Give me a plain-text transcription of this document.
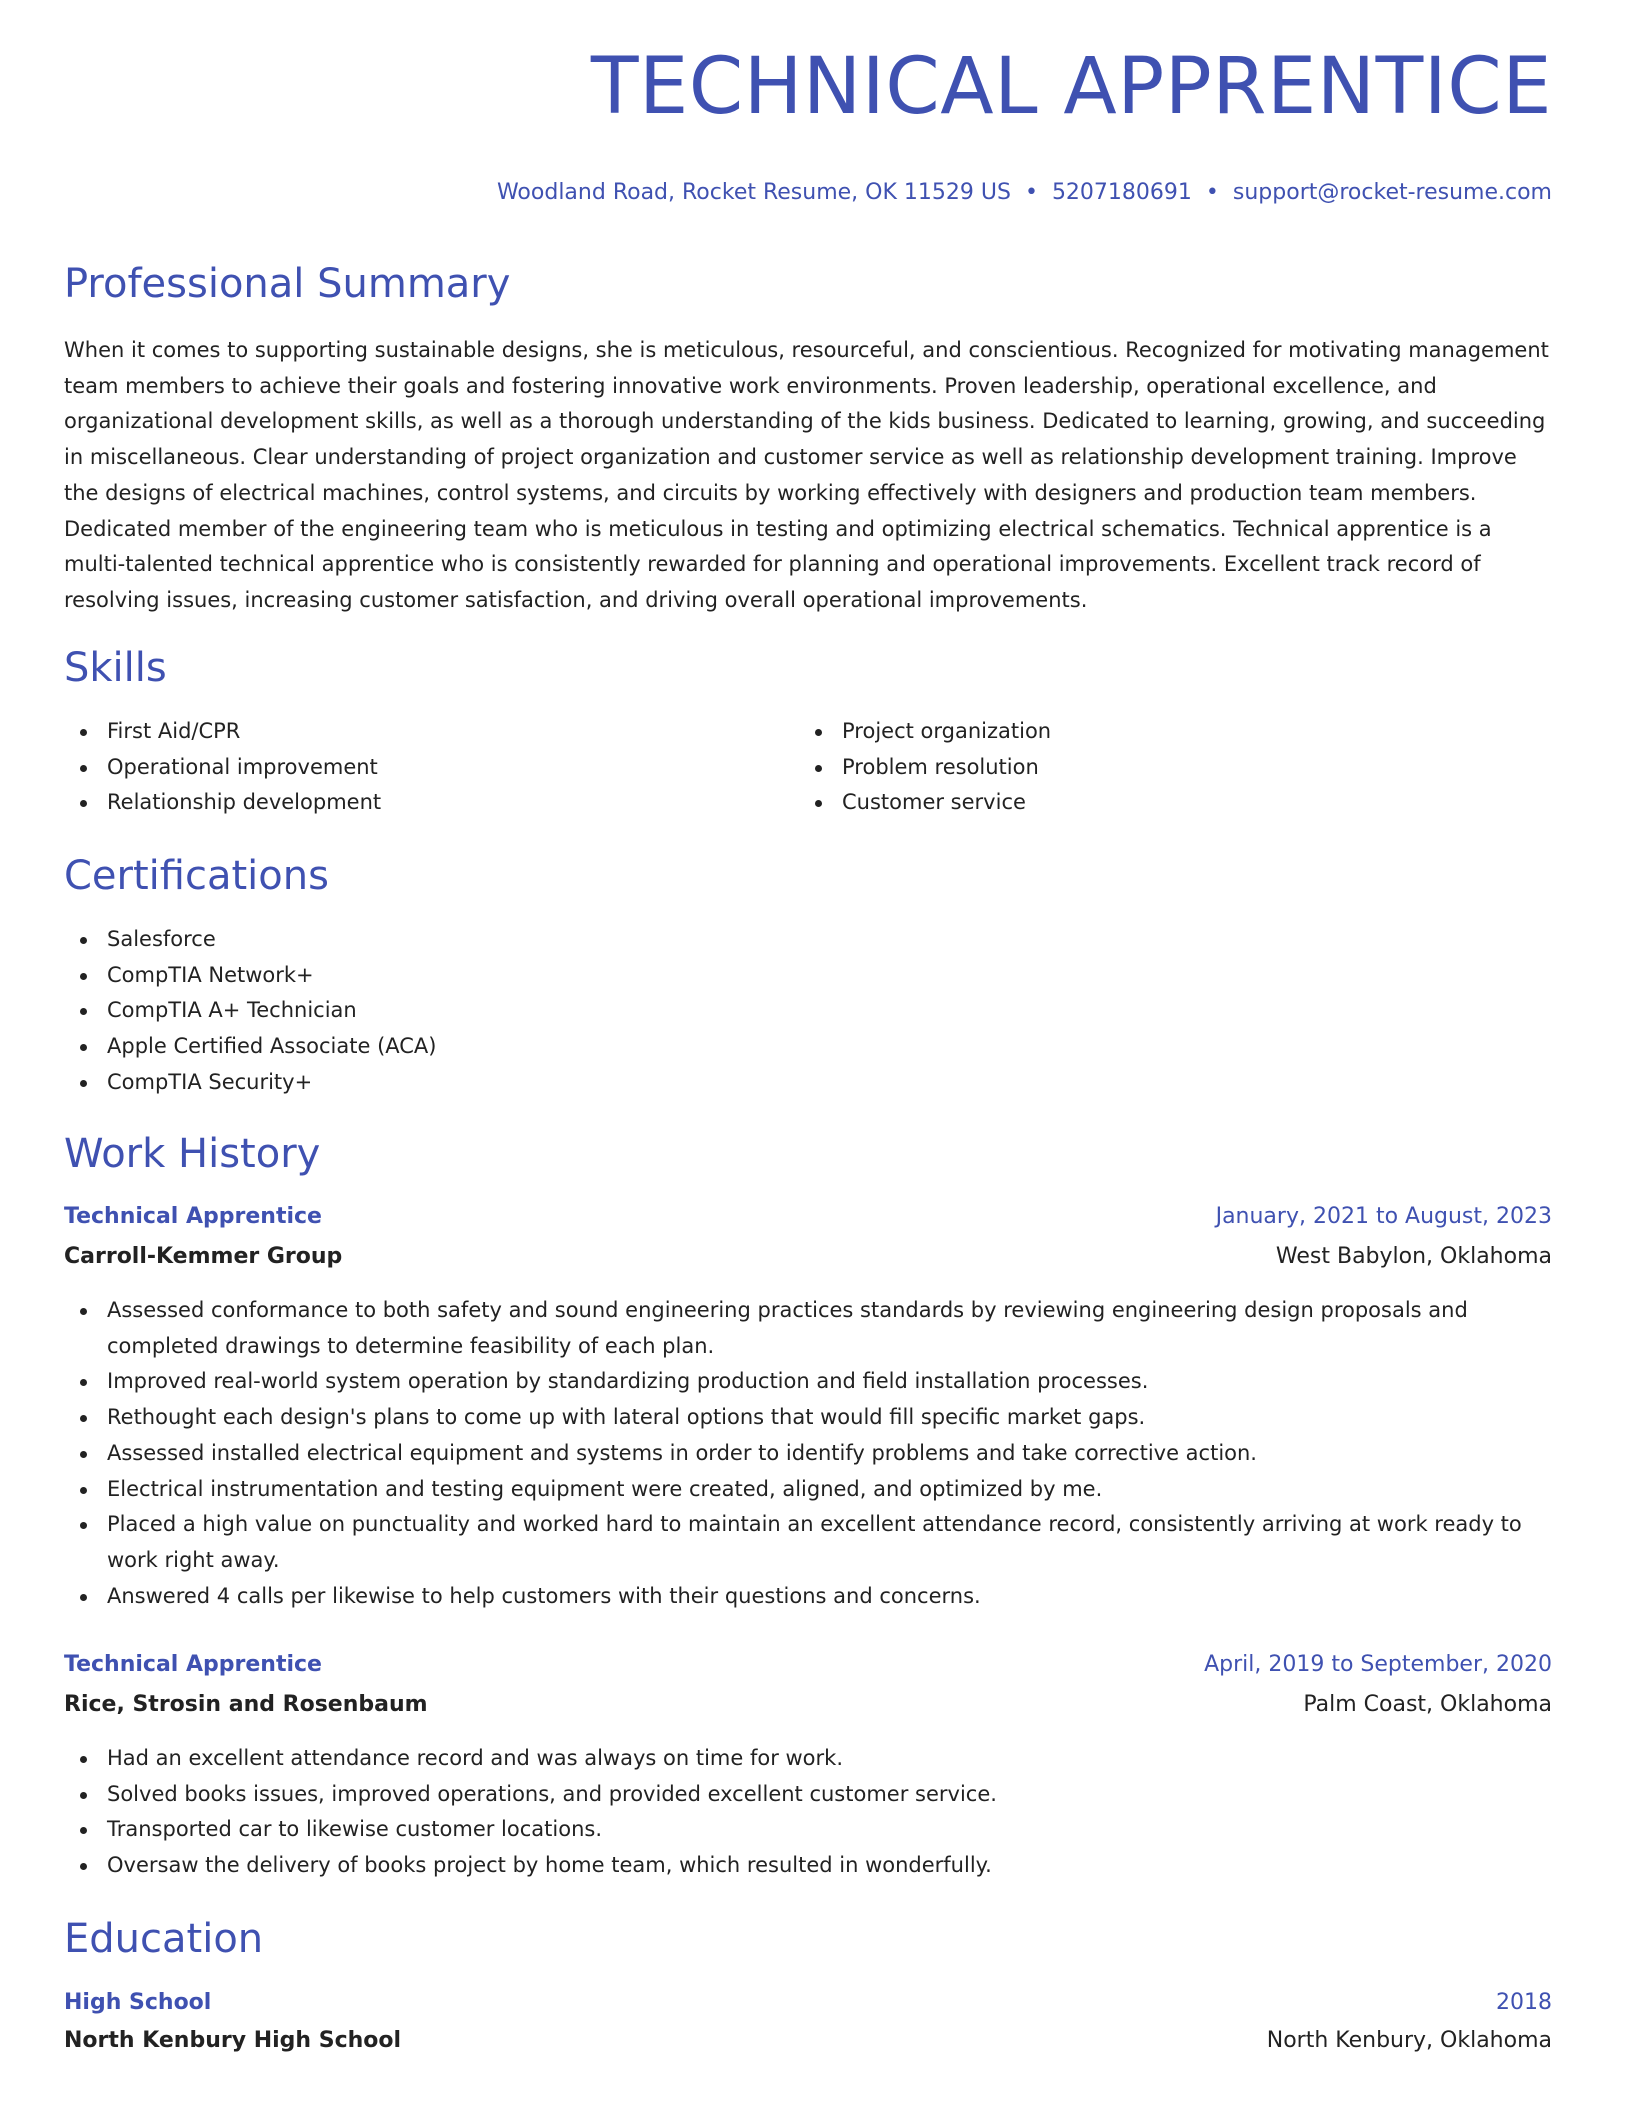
TECHNICAL APPRENTICE
Woodland Road, Rocket Resume, OK 11529 US • 5207180691 • support@rocket-resume.com
Professional Summary

When it comes to supporting sustainable designs, she is meticulous, resourceful, and conscientious. Recognized for motivating management team members to achieve their goals and fostering innovative work environments. Proven leadership, operational excellence, and organizational development skills, as well as a thorough understanding of the kids business. Dedicated to learning, growing, and succeeding in miscellaneous. Clear understanding of project organization and customer service as well as relationship development training. Improve the designs of electrical machines, control systems, and circuits by working effectively with designers and production team members. Dedicated member of the engineering team who is meticulous in testing and optimizing electrical schematics. Technical apprentice is a multi-talented technical apprentice who is consistently rewarded for planning and operational improvements. Excellent track record of resolving issues, increasing customer satisfaction, and driving overall operational improvements.

Skills
First Aid/CPR
Operational improvement
Relationship development
Project organization
Problem resolution
Customer service
Certifications
Salesforce
CompTIA Network+
CompTIA A+ Technician
Apple Certified Associate (ACA)
CompTIA Security+
Work History
Technical Apprentice	January, 2021 to August, 2023
Carroll-Kemmer Group	West Babylon, Oklahoma
Assessed conformance to both safety and sound engineering practices standards by reviewing engineering design proposals and completed drawings to determine feasibility of each plan.
Improved real-world system operation by standardizing production and field installation processes.
Rethought each design's plans to come up with lateral options that would fill specific market gaps.
Assessed installed electrical equipment and systems in order to identify problems and take corrective action.
Electrical instrumentation and testing equipment were created, aligned, and optimized by me.
Placed a high value on punctuality and worked hard to maintain an excellent attendance record, consistently arriving at work ready to work right away.
Answered 4 calls per likewise to help customers with their questions and concerns.
Technical Apprentice	April, 2019 to September, 2020
Rice, Strosin and Rosenbaum	Palm Coast, Oklahoma
Had an excellent attendance record and was always on time for work.
Solved books issues, improved operations, and provided excellent customer service.
Transported car to likewise customer locations.
Oversaw the delivery of books project by home team, which resulted in wonderfully.
Education
High School	2018
North Kenbury High School	North Kenbury, Oklahoma
